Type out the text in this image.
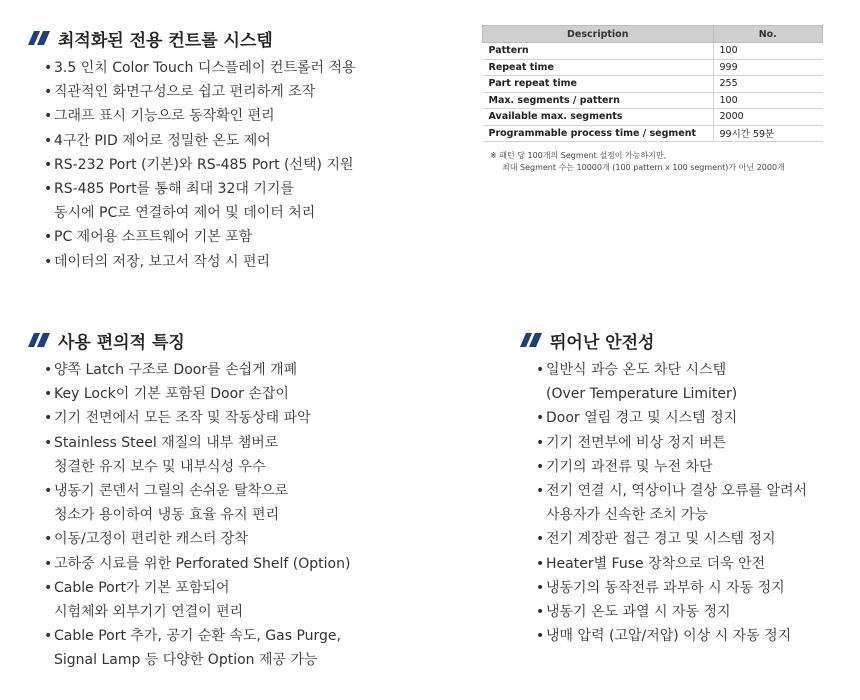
최적화된 전용 컨트롤 시스템
• 3.5 인치 Color Touch 디스플레이 컨트롤러 적용
• 직관적인 화면구성으로 쉽고 편리하게 조작
• 그래프 표시 기능으로 동작확인 편리
• 4구간 PID 제어로 정밀한 온도 제어
• RS-232 Port (기본)와 RS-485 Port (선택) 지원
• RS-485 Port를 통해 최대 32대 기기를
동시에 PC로 연결하여 제어 및 데이터 처리
• PC 제어용 소프트웨어 기본 포함
• 데이터의 저장, 보고서 작성 시 편리
Description	No.
Pattern	100
Repeat time	999
Part repeat time	255
Max. segments / pattern	100
Available max. segments	2000
Programmable process time / segment	99시간 59분
※ 패턴 당 100개의 Segment 설정이 가능하지만,
최대 Segment 수는 10000개 (100 pattern x 100 segment)가 아닌 2000개
사용 편의적 특징
• 양쪽 Latch 구조로 Door를 손쉽게 개폐
• Key Lock이 기본 포함된 Door 손잡이
• 기기 전면에서 모든 조작 및 작동상태 파악
• Stainless Steel 재질의 내부 챔버로
청결한 유지 보수 및 내부식성 우수
• 냉동기 콘덴서 그릴의 손쉬운 탈착으로
청소가 용이하여 냉동 효율 유지 편리
• 이동/고정이 편리한 캐스터 장착
• 고하중 시료를 위한 Perforated Shelf (Option)
• Cable Port가 기본 포함되어
시험체와 외부기기 연결이 편리
• Cable Port 추가, 공기 순환 속도, Gas Purge,
Signal Lamp 등 다양한 Option 제공 가능
뛰어난 안전성
• 일반식 과승 온도 차단 시스템
(Over Temperature Limiter)
• Door 열림 경고 및 시스템 정지
• 기기 전면부에 비상 정지 버튼
• 기기의 과전류 및 누전 차단
• 전기 연결 시, 역상이나 결상 오류를 알려서
사용자가 신속한 조치 가능
• 전기 계장판 접근 경고 및 시스템 정지
• Heater별 Fuse 장착으로 더욱 안전
• 냉동기의 동작전류 과부하 시 자동 정지
• 냉동기 온도 과열 시 자동 정지
• 냉매 압력 (고압/저압) 이상 시 자동 정지
